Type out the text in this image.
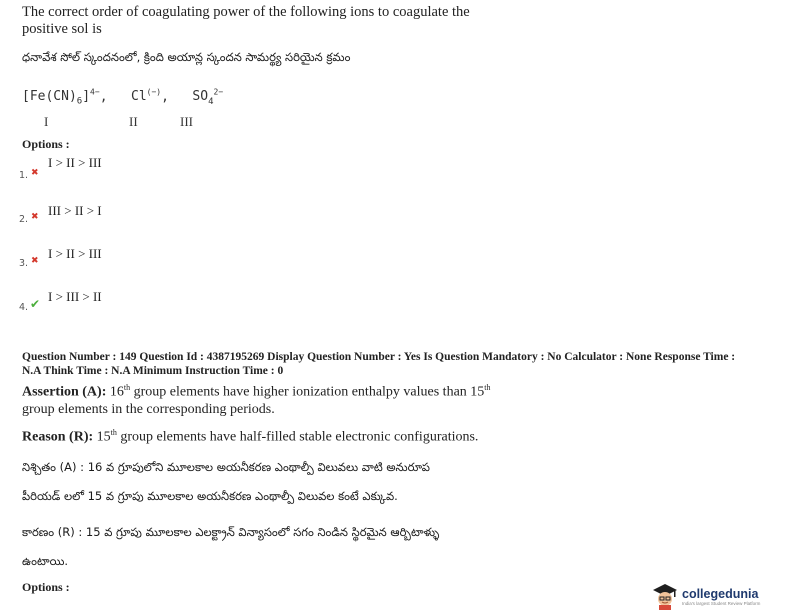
The correct order of coagulating power of the following ions to coagulate the
positive sol is
ధనావేశ సోల్ స్కందనంలో, క్రింది అయాన్ల స్కందన సామర్థ్య సరియైన క్రమం
$[Fe(CN)_6]^{4-}$, Cl(−), $SO_4^{2-}$
I	II	III
Options :
I > II > III
1. ✖
III > II > I
2. ✖
I > II > III
3. ✖
I > III > II
4. ✔
Question Number : 149 Question Id : 4387195269 Display Question Number : Yes Is Question Mandatory : No Calculator : None Response Time :
N.A Think Time : N.A Minimum Instruction Time : 0
Assertion (A): 16th group elements have higher ionization enthalpy values than 15th
group elements in the corresponding periods.
Reason (R): 15th group elements have half-filled stable electronic configurations.
నిశ్చితం (A) : 16 వ గ్రూపులోని మూలకాల అయనీకరణ ఎంథాల్పీ విలువలు వాటి అనురూప
పీరియడ్ లలో 15 వ గ్రూపు మూలకాల అయనీకరణ ఎంథాల్పీ విలువల కంటే ఎక్కువ.
కారణం (R) : 15 వ గ్రూపు మూలకాల ఎలక్ట్రాన్ విన్యాసంలో సగం నిండిన స్థిరమైన ఆర్బిటాళ్ళు
ఉంటాయి.
Options :	collegedunia
India's largest Student Review Platform
